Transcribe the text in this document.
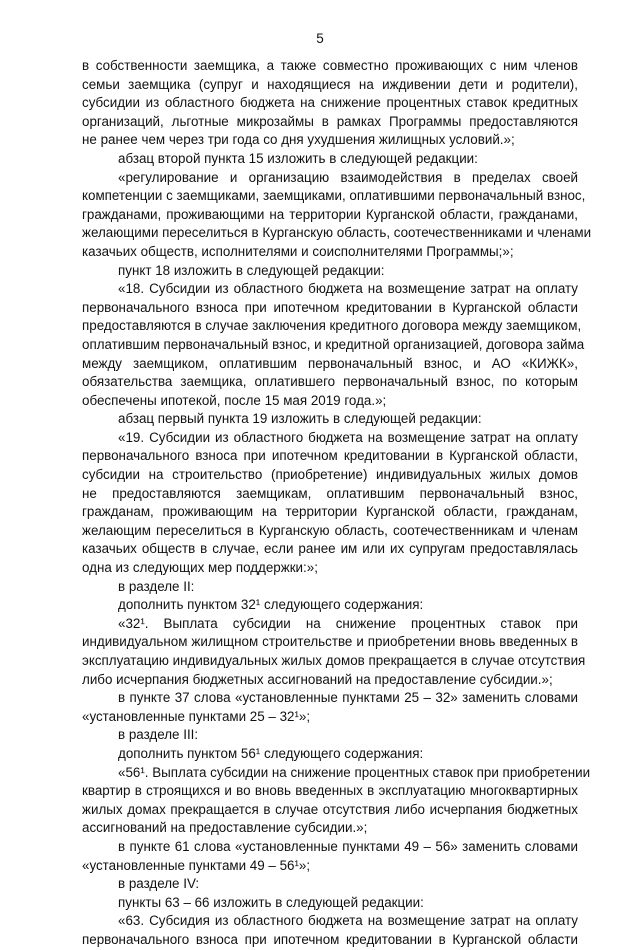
5
в собственности заемщика, а также совместно проживающих с ним членов
семьи заемщика (супруг и находящиеся на иждивении дети и родители),
субсидии из областного бюджета на снижение процентных ставок кредитных
организаций, льготные микрозаймы в рамках Программы предоставляются
не ранее чем через три года со дня ухудшения жилищных условий.»;
абзац второй пункта 15 изложить в следующей редакции:
«регулирование и организацию взаимодействия в пределах своей
компетенции с заемщиками, заемщиками, оплатившими первоначальный взнос,
гражданами, проживающими на территории Курганской области, гражданами,
желающими переселиться в Курганскую область, соотечественниками и членами
казачьих обществ, исполнителями и соисполнителями Программы;»;
пункт 18 изложить в следующей редакции:
«18. Субсидии из областного бюджета на возмещение затрат на оплату
первоначального взноса при ипотечном кредитовании в Курганской области
предоставляются в случае заключения кредитного договора между заемщиком,
оплатившим первоначальный взнос, и кредитной организацией, договора займа
между заемщиком, оплатившим первоначальный взнос, и АО «КИЖК»,
обязательства заемщика, оплатившего первоначальный взнос, по которым
обеспечены ипотекой, после 15 мая 2019 года.»;
абзац первый пункта 19 изложить в следующей редакции:
«19. Субсидии из областного бюджета на возмещение затрат на оплату
первоначального взноса при ипотечном кредитовании в Курганской области,
субсидии на строительство (приобретение) индивидуальных жилых домов
не предоставляются заемщикам, оплатившим первоначальный взнос,
гражданам, проживающим на территории Курганской области, гражданам,
желающим переселиться в Курганскую область, соотечественникам и членам
казачьих обществ в случае, если ранее им или их супругам предоставлялась
одна из следующих мер поддержки:»;
в разделе II:
дополнить пунктом 32¹ следующего содержания:
«32¹. Выплата субсидии на снижение процентных ставок при
индивидуальном жилищном строительстве и приобретении вновь введенных в
эксплуатацию индивидуальных жилых домов прекращается в случае отсутствия
либо исчерпания бюджетных ассигнований на предоставление субсидии.»;
в пункте 37 слова «установленные пунктами 25 – 32» заменить словами
«установленные пунктами 25 – 32¹»;
в разделе III:
дополнить пунктом 56¹ следующего содержания:
«56¹. Выплата субсидии на снижение процентных ставок при приобретении
квартир в строящихся и во вновь введенных в эксплуатацию многоквартирных
жилых домах прекращается в случае отсутствия либо исчерпания бюджетных
ассигнований на предоставление субсидии.»;
в пункте 61 слова «установленные пунктами 49 – 56» заменить словами
«установленные пунктами 49 – 56¹»;
в разделе IV:
пункты 63 – 66 изложить в следующей редакции:
«63. Субсидия из областного бюджета на возмещение затрат на оплату
первоначального взноса при ипотечном кредитовании в Курганской области
